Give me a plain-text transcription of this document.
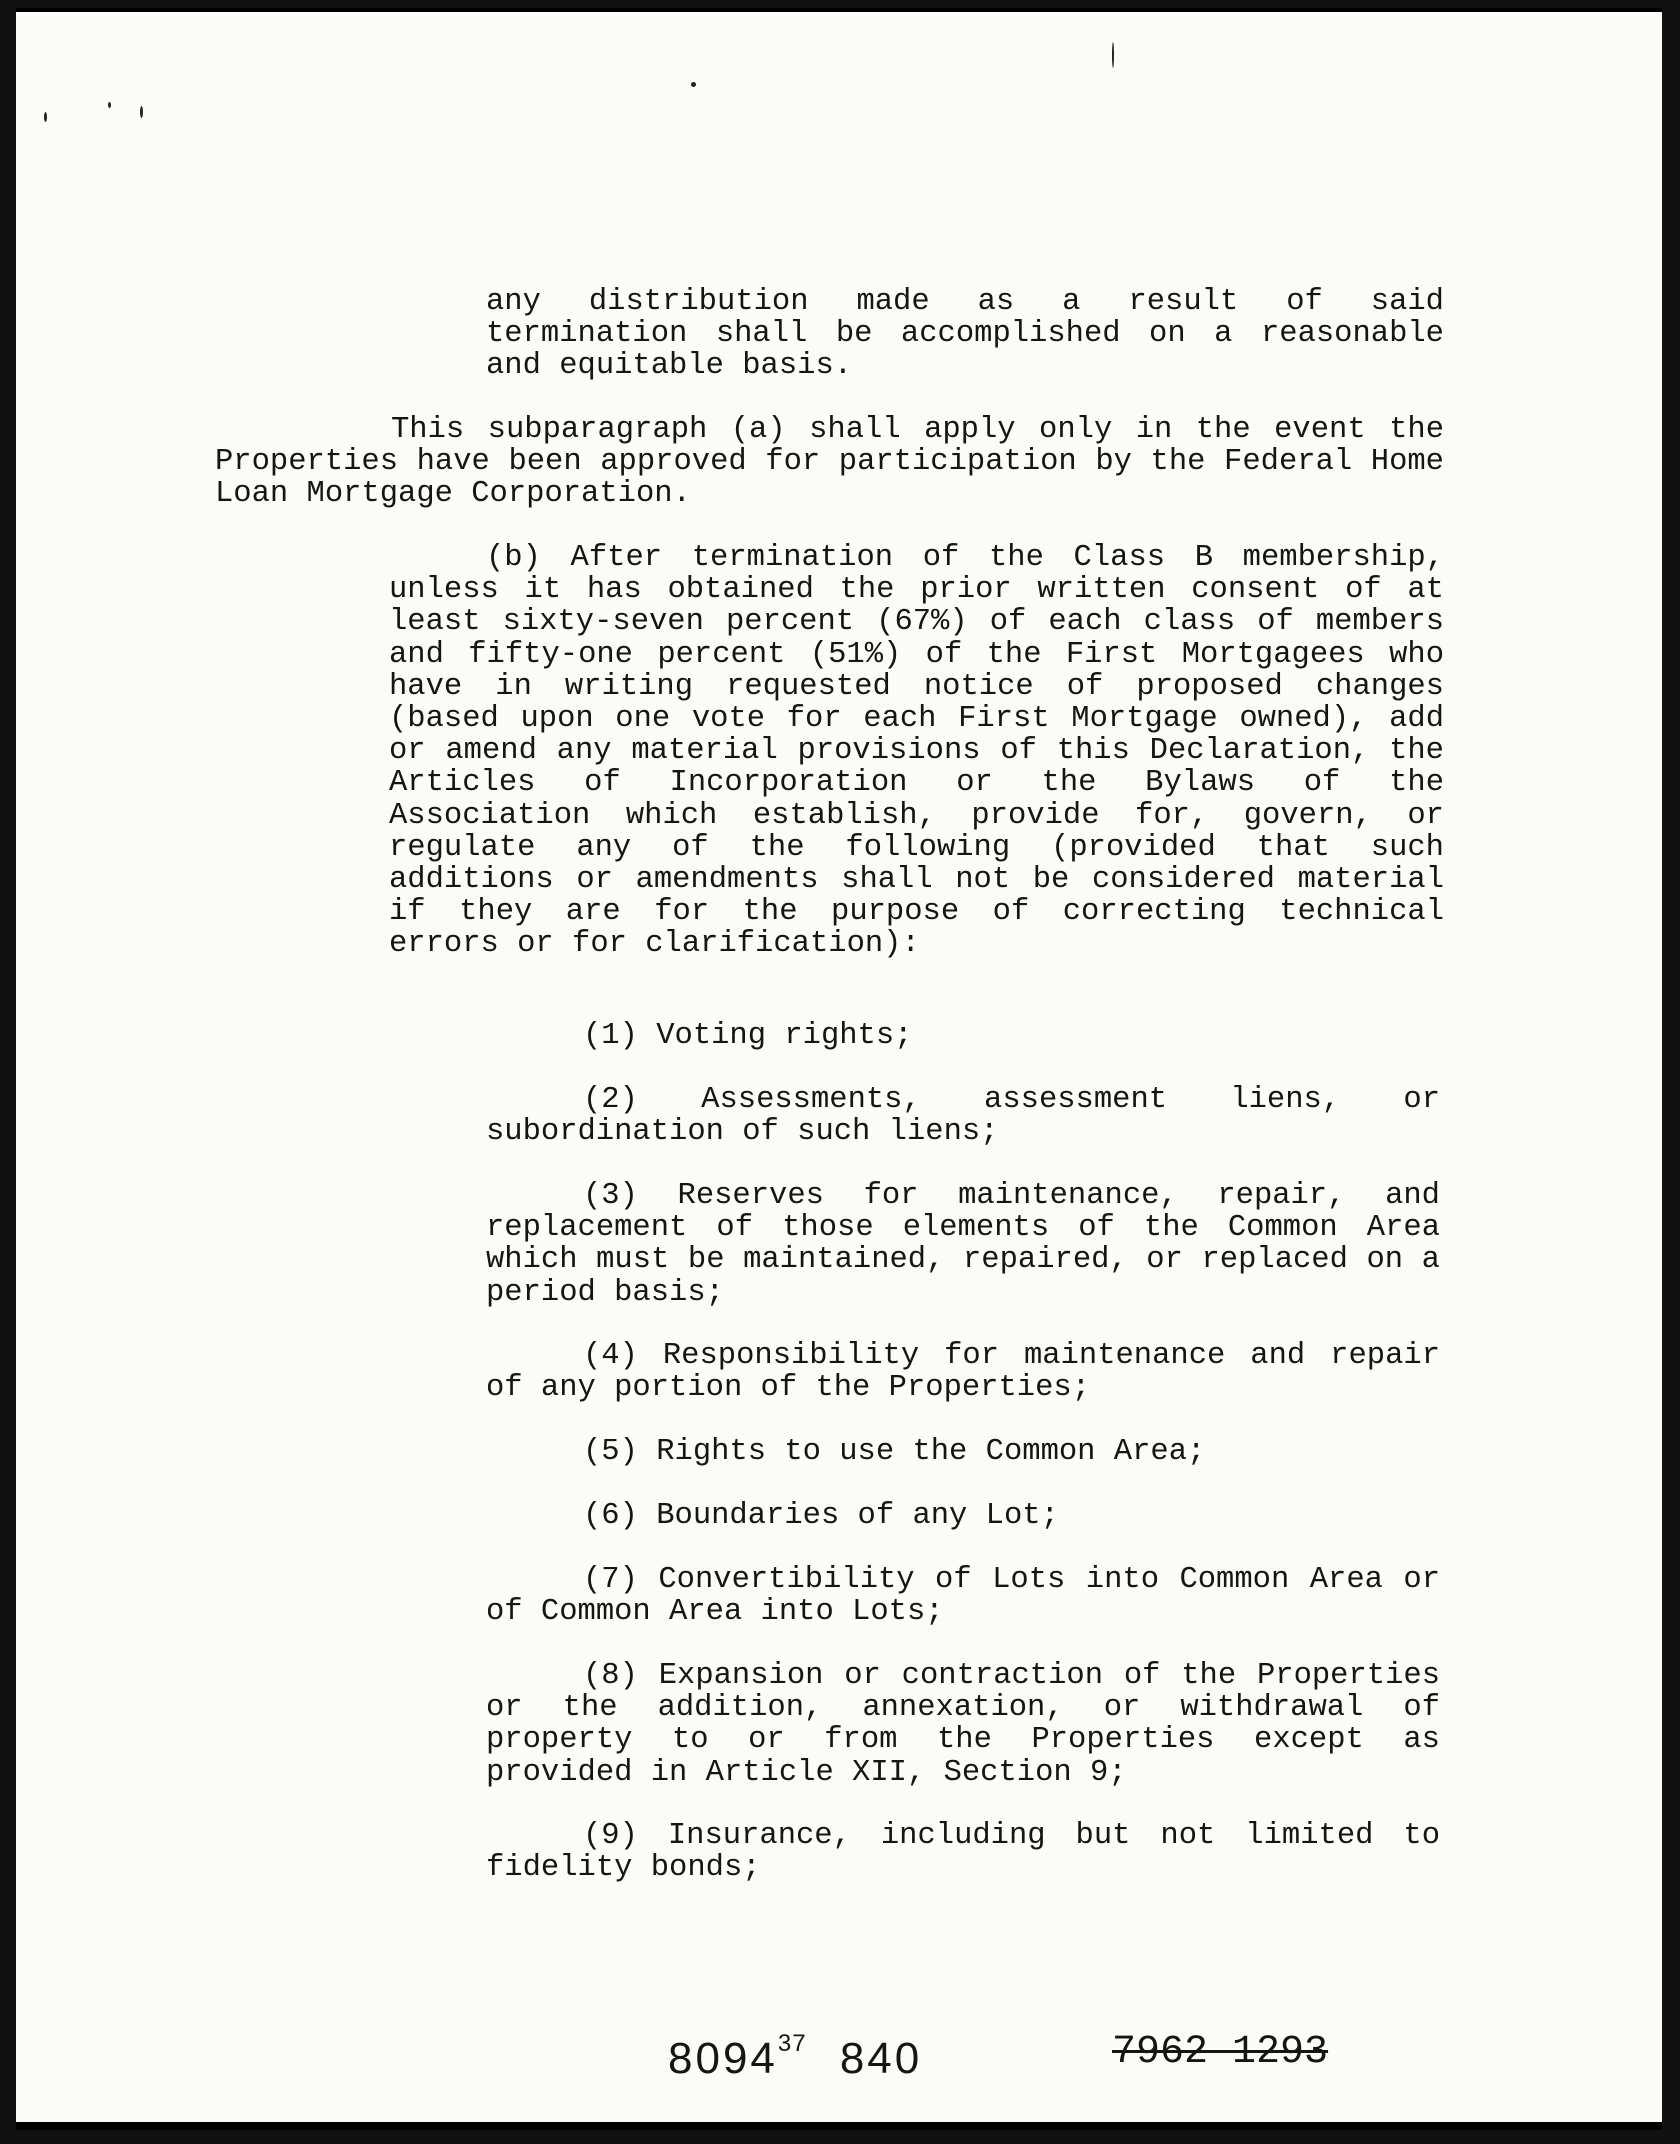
any distribution made as a result of said termination shall be accomplished on a reasonable and equitable basis.
This subparagraph (a) shall apply only in the event the Properties have been approved for participation by the Federal Home Loan Mortgage Corporation.
(b) After termination of the Class B membership, unless it has obtained the prior written consent of at least sixty-seven percent (67%) of each class of members and fifty-one percent (51%) of the First Mortgagees who have in writing requested notice of proposed changes (based upon one vote for each First Mortgage owned), add or amend any material provisions of this Declaration, the Articles of Incorporation or the Bylaws of the Association which establish, provide for, govern, or regulate any of the following (provided that such additions or amendments shall not be considered material if they are for the purpose of correcting technical errors or for clarification):
(1) Voting rights;
(2) Assessments, assessment liens, or subordination of such liens;
(3) Reserves for maintenance, repair, and replacement of those elements of the Common Area which must be maintained, repaired, or replaced on a period basis;
(4) Responsibility for maintenance and repair of any portion of the Properties;
(5) Rights to use the Common Area;
(6) Boundaries of any Lot;
(7) Convertibility of Lots into Common Area or of Common Area into Lots;
(8) Expansion or contraction of the Properties or the addition, annexation, or withdrawal of property to or from the Properties except as provided in Article XII, Section 9;
(9) Insurance, including but not limited to fidelity bonds;
8094$^{37}$ 840	7962 1293
